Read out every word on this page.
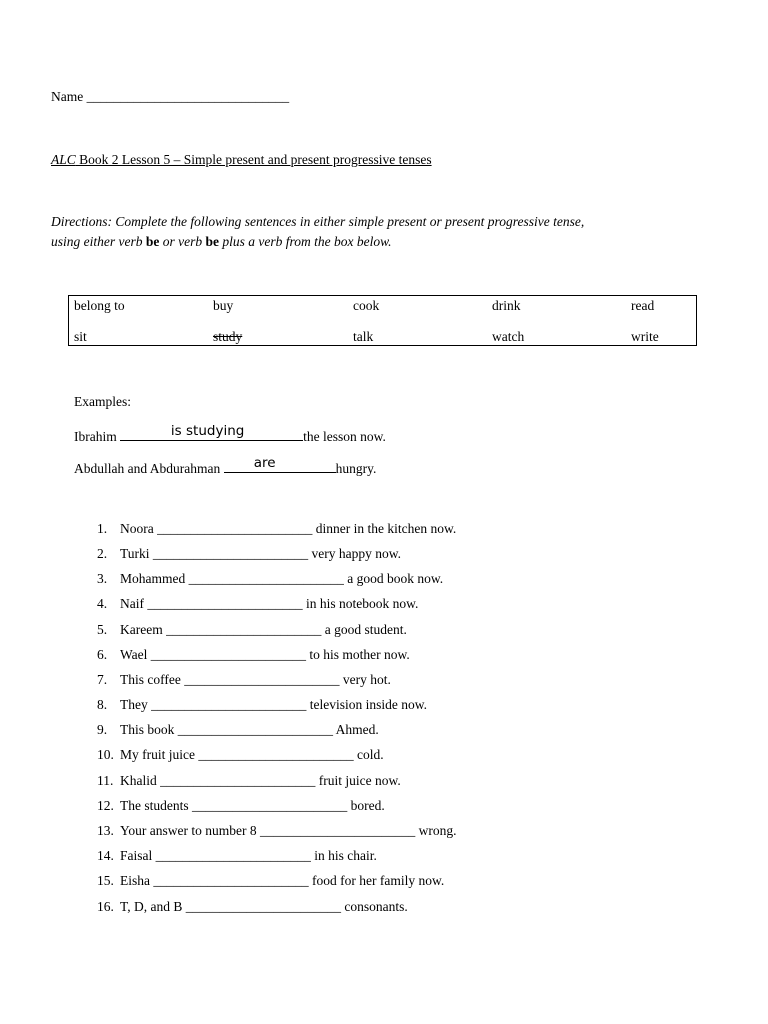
Name ______________________________
ALC Book 2 Lesson 5 – Simple present and present progressive tenses
Directions: Complete the following sentences in either simple present or present progressive tense,
using either verb be or verb be plus a verb from the box below.
belong to	buy	cook	drink	read
sit	study	talk	watch	write
Examples:
Ibrahim	is studying	the lesson now.
Abdullah and Abdurahman	are	hungry.
1. Noora _______________________ dinner in the kitchen now.
2. Turki _______________________ very happy now.
3. Mohammed _______________________ a good book now.
4. Naif _______________________ in his notebook now.
5. Kareem _______________________ a good student.
6. Wael _______________________ to his mother now.
7. This coffee _______________________ very hot.
8. They _______________________ television inside now.
9. This book _______________________ Ahmed.
10. My fruit juice _______________________ cold.
11. Khalid _______________________ fruit juice now.
12. The students _______________________ bored.
13. Your answer to number 8 _______________________ wrong.
14. Faisal _______________________ in his chair.
15. Eisha _______________________ food for her family now.
16. T, D, and B _______________________ consonants.
